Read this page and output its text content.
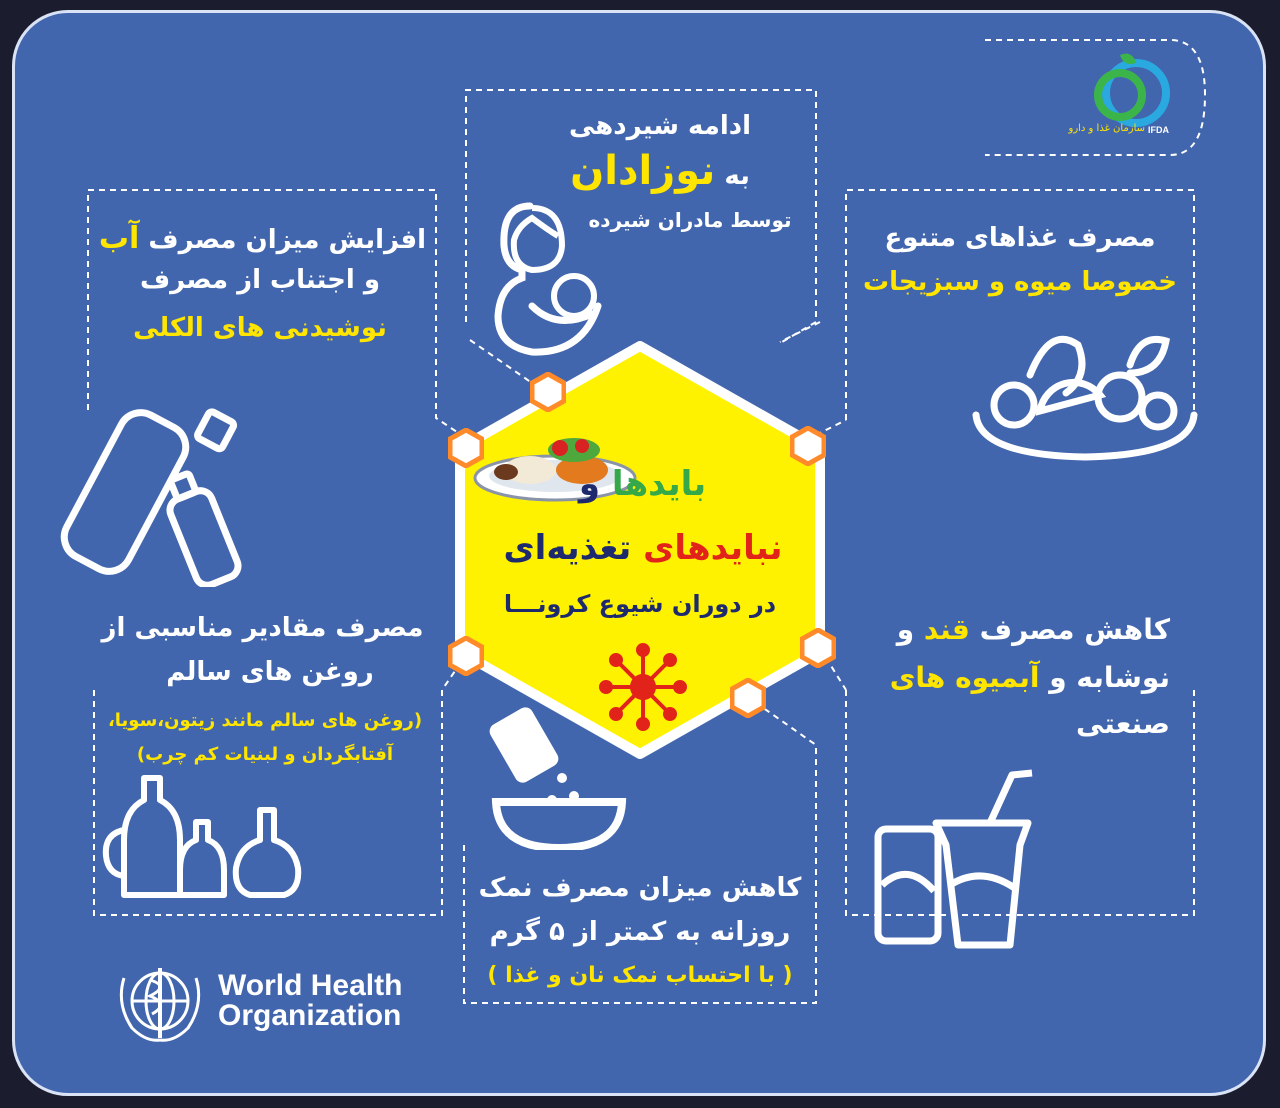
سازمان غذا و دارو IFDA
ادامه شیردهی
به نوزادان
توسط مادران شیرده
افزایش میزان مصرف آب
و اجتناب از مصرف
نوشیدنی های الکلی
مصرف غذاهای متنوع
خصوصا میوه و سبزیجات
مصرف مقادیر مناسبی از
روغن های سالم
(روغن های سالم مانند زیتون،سویا،
آفتابگردان و لبنیات کم چرب)
کاهش مصرف قند و
نوشابه و آبمیوه های
صنعتی
کاهش میزان مصرف نمک
روزانه به کمتر از ۵ گرم
( با احتساب نمک نان و غذا )
بایدها و
نبایدهای تغذیه‌ای
در دوران شیوع کرونـــا
World Health
Organization
